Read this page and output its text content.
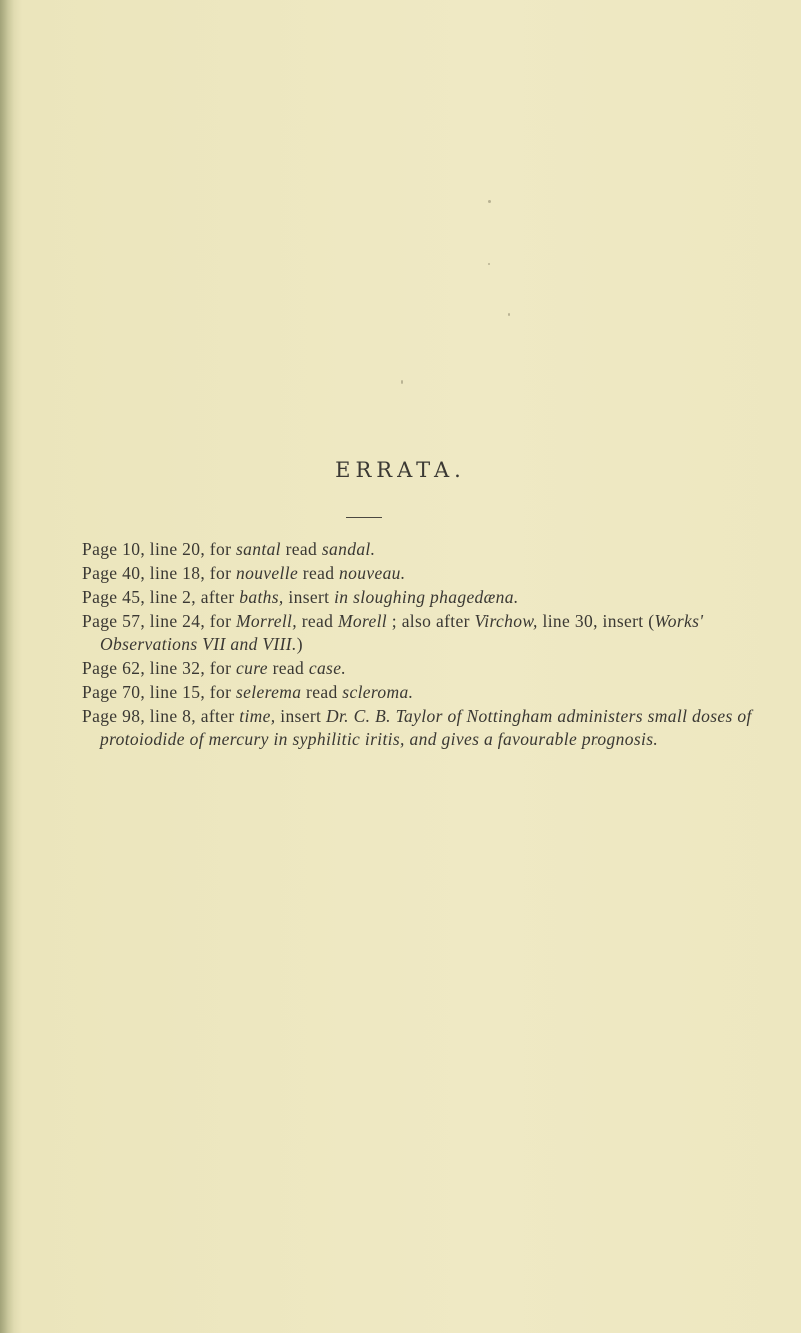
ERRATA.
Page 10, line 20, for santal read sandal.
Page 40, line 18, for nouvelle read nouveau.
Page 45, line 2, after baths, insert in sloughing phagedæna.
Page 57, line 24, for Morrell, read Morell ; also after Virchow, line 30, insert (Works' Observations VII and VIII.)
Page 62, line 32, for cure read case.
Page 70, line 15, for selerema read scleroma.
Page 98, line 8, after time, insert Dr. C. B. Taylor of Nottingham administers small doses of protoiodide of mercury in syphilitic iritis, and gives a favourable prognosis.
